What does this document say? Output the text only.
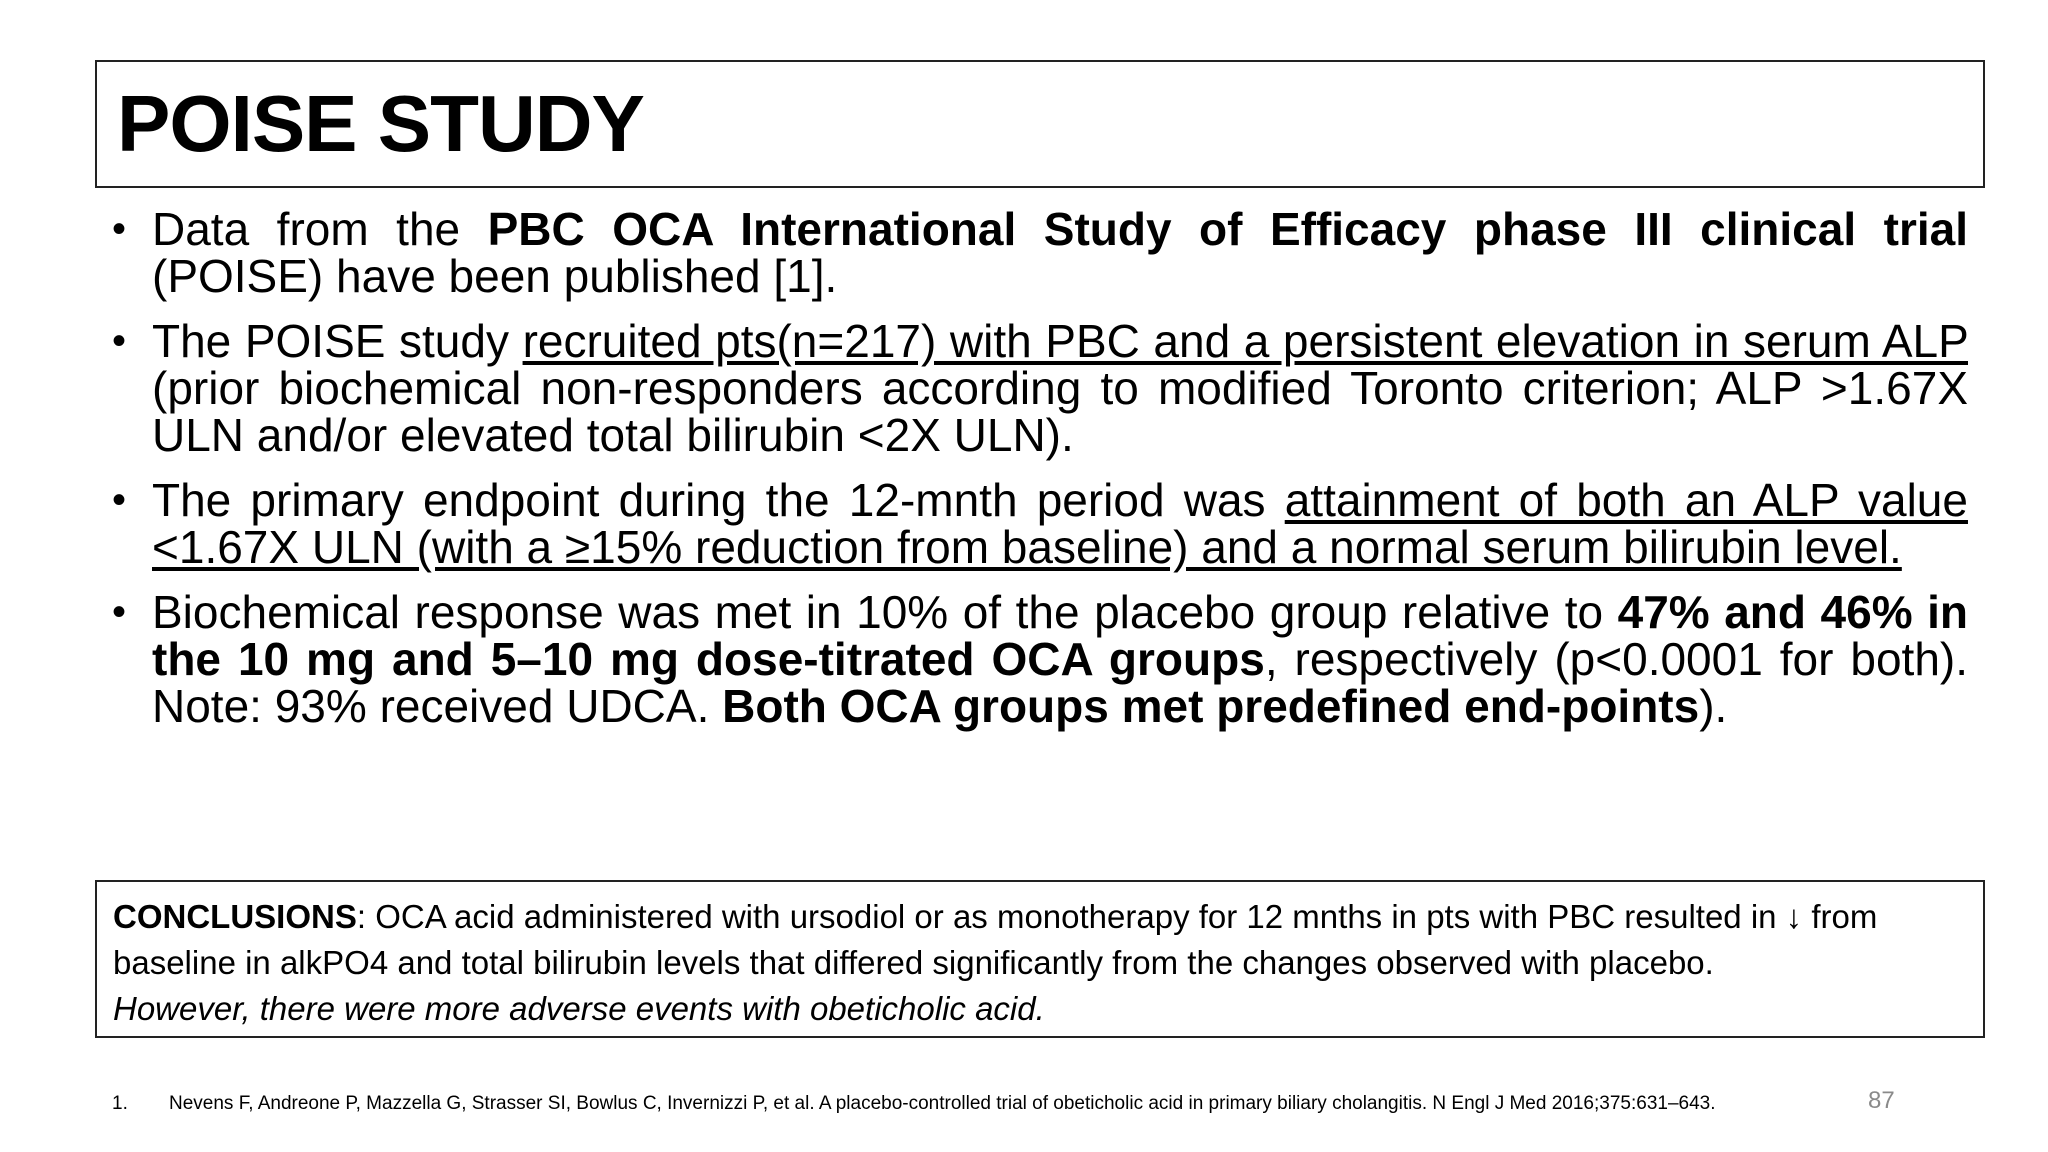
POISE STUDY
• Data from the PBC OCA International Study of Efficacy phase III clinical trial (POISE) have been published [1].
• The POISE study recruited pts(n=217) with PBC and a persistent elevation in serum ALP (prior biochemical non-responders according to modified Toronto criterion; ALP >1.67X ULN and/or elevated total bilirubin <2X ULN).
• The primary endpoint during the 12-mnth period was attainment of both an ALP value <1.67X ULN (with a ≥15% reduction from baseline) and a normal serum bilirubin level.
• Biochemical response was met in 10% of the placebo group relative to 47% and 46% in the 10 mg and 5–10 mg dose-titrated OCA groups, respectively (p<0.0001 for both). Note: 93% received UDCA. Both OCA groups met predefined end-points).

CONCLUSIONS: OCA acid administered with ursodiol or as monotherapy for 12 mnths in pts with PBC resulted in ↓ from baseline in alkPO4 and total bilirubin levels that differed significantly from the changes observed with placebo.

However, there were more adverse events with obeticholic acid.

1. Nevens F, Andreone P, Mazzella G, Strasser SI, Bowlus C, Invernizzi P, et al. A placebo-controlled trial of obeticholic acid in primary biliary cholangitis. N Engl J Med 2016;375:631–643.	87
